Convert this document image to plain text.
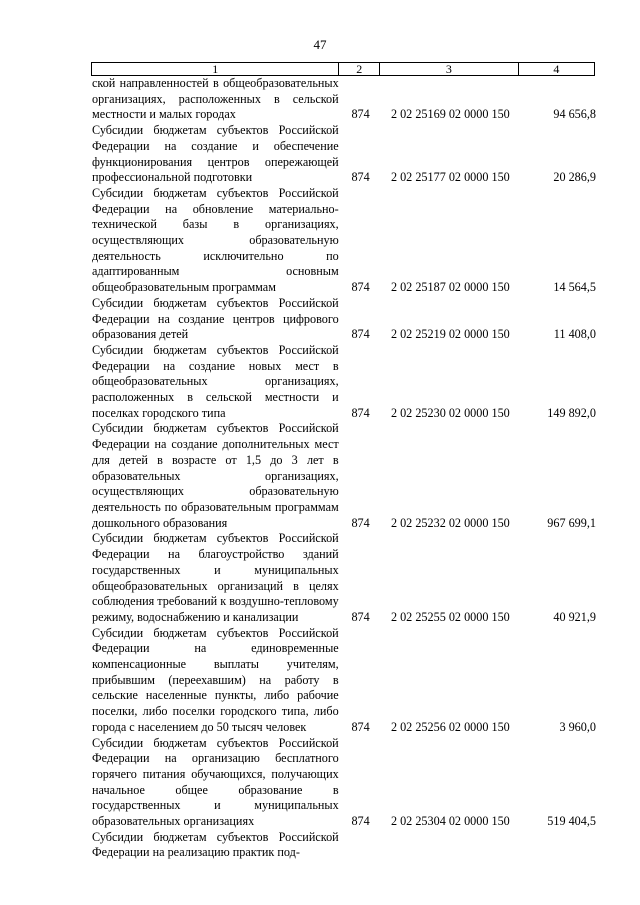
47
1	2	3	4
ской направленностей в общеобразовательных организациях, расположенных в сельской местности и малых городах	874	2 02 25169 02 0000 150	94 656,8
Субсидии бюджетам субъектов Российской Федерации на создание и обеспечение функционирования центров опережающей профессиональной подготовки	874	2 02 25177 02 0000 150	20 286,9
Субсидии бюджетам субъектов Российской Федерации на обновление материально-технической базы в организациях, осуществляющих образовательную деятельность исключительно по адаптированным основным общеобразовательным программам	874	2 02 25187 02 0000 150	14 564,5
Субсидии бюджетам субъектов Российской Федерации на создание центров цифрового образования детей	874	2 02 25219 02 0000 150	11 408,0
Субсидии бюджетам субъектов Российской Федерации на создание новых мест в общеобразовательных организациях, расположенных в сельской местности и поселках городского типа	874	2 02 25230 02 0000 150	149 892,0
Субсидии бюджетам субъектов Российской Федерации на создание дополнительных мест для детей в возрасте от 1,5 до 3 лет в образовательных организациях, осуществляющих образовательную деятельность по образовательным программам дошкольного образования	874	2 02 25232 02 0000 150	967 699,1
Субсидии бюджетам субъектов Российской Федерации на благоустройство зданий государственных и муниципальных общеобразовательных организаций в целях соблюдения требований к воздушно-тепловому режиму, водоснабжению и канализации	874	2 02 25255 02 0000 150	40 921,9
Субсидии бюджетам субъектов Российской Федерации на единовременные компенсационные выплаты учителям, прибывшим (переехавшим) на работу в сельские населенные пункты, либо рабочие поселки, либо поселки городского типа, либо города с населением до 50 тысяч человек	874	2 02 25256 02 0000 150	3 960,0
Субсидии бюджетам субъектов Российской Федерации на организацию бесплатного горячего питания обучающихся, получающих начальное общее образование в государственных и муниципальных образовательных организациях	874	2 02 25304 02 0000 150	519 404,5
Субсидии бюджетам субъектов Российской Федерации на реализацию практик под-			
